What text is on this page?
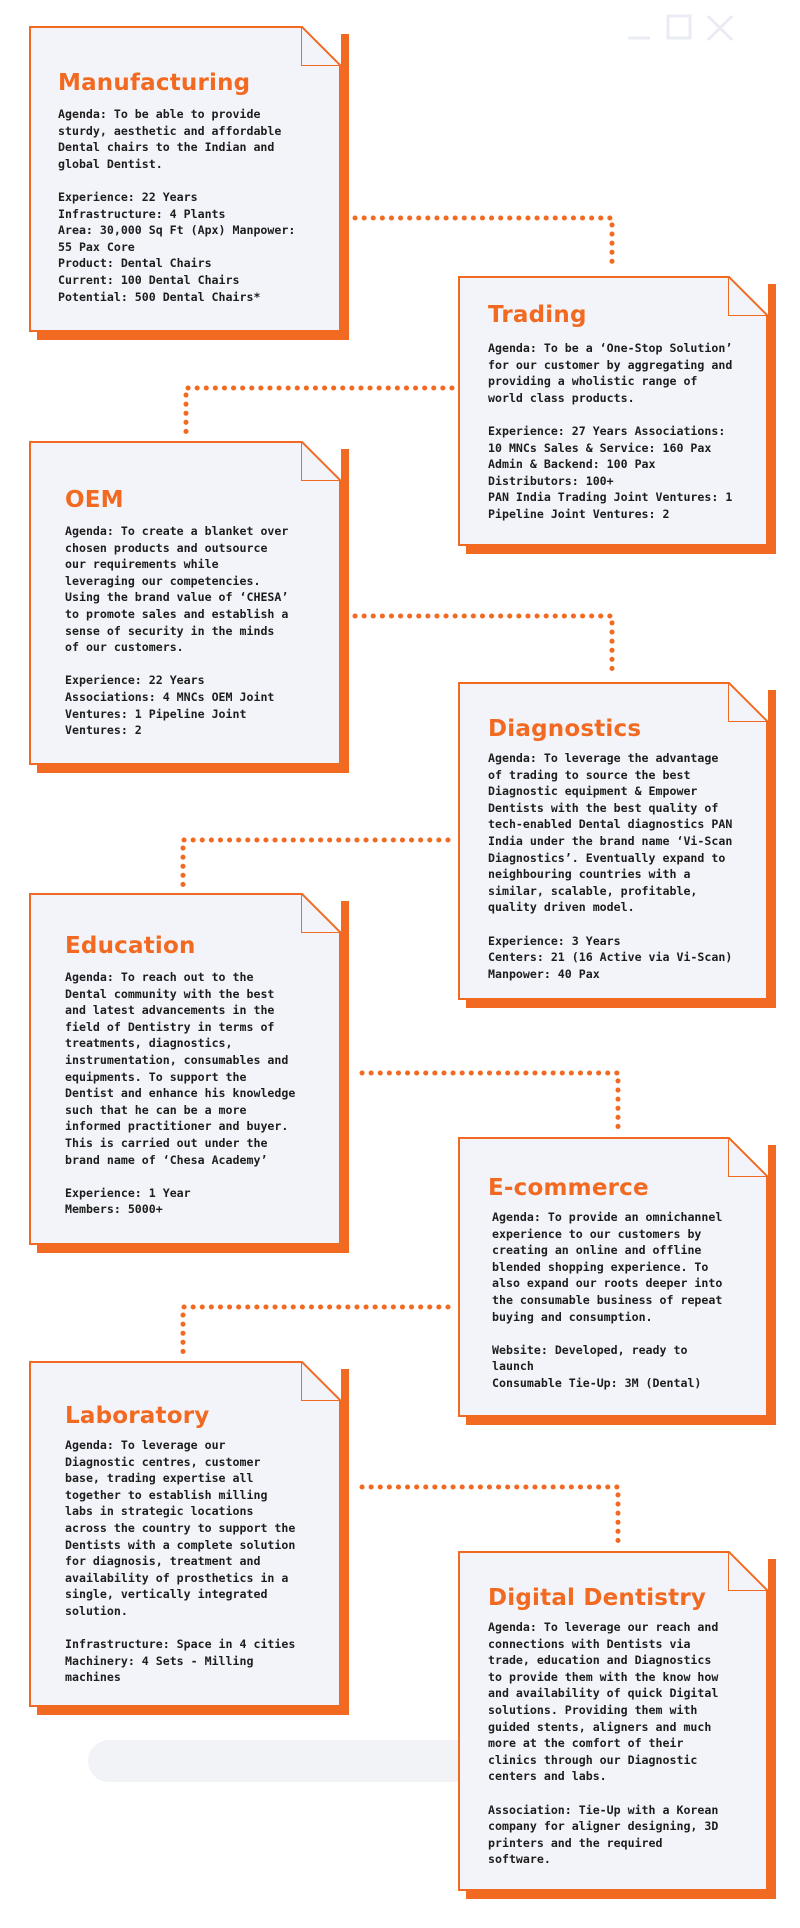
Manufacturing
Agenda: To be able to provide
sturdy, aesthetic and affordable
Dental chairs to the Indian and
global Dentist.

Experience: 22 Years
Infrastructure: 4 Plants
Area: 30,000 Sq Ft (Apx) Manpower:
55 Pax Core
Product: Dental Chairs
Current: 100 Dental Chairs
Potential: 500 Dental Chairs*
Trading
Agenda: To be a ‘One-Stop Solution’
for our customer by aggregating and
providing a wholistic range of
world class products.

Experience: 27 Years Associations:
10 MNCs Sales & Service: 160 Pax
Admin & Backend: 100 Pax
Distributors: 100+
PAN India Trading Joint Ventures: 1
Pipeline Joint Ventures: 2
OEM
Agenda: To create a blanket over
chosen products and outsource
our requirements while
leveraging our competencies.
Using the brand value of ‘CHESA’
to promote sales and establish a
sense of security in the minds
of our customers.

Experience: 22 Years
Associations: 4 MNCs OEM Joint
Ventures: 1 Pipeline Joint
Ventures: 2	Diagnostics
Agenda: To leverage the advantage
of trading to source the best
Diagnostic equipment & Empower
Dentists with the best quality of
tech-enabled Dental diagnostics PAN
India under the brand name ‘Vi-Scan
Diagnostics’. Eventually expand to
neighbouring countries with a
similar, scalable, profitable,
quality driven model.

Experience: 3 Years
Centers: 21 (16 Active via Vi-Scan)
Manpower: 40 Pax
Education
Agenda: To reach out to the
Dental community with the best
and latest advancements in the
field of Dentistry in terms of
treatments, diagnostics,
instrumentation, consumables and
equipments. To support the
Dentist and enhance his knowledge
such that he can be a more
informed practitioner and buyer.
This is carried out under the
brand name of ‘Chesa Academy’

Experience: 1 Year
Members: 5000+
E-commerce
Agenda: To provide an omnichannel
experience to our customers by
creating an online and offline
blended shopping experience. To
also expand our roots deeper into
the consumable business of repeat
buying and consumption.

Website: Developed, ready to
launch
Consumable Tie-Up: 3M (Dental)
Laboratory
Agenda: To leverage our
Diagnostic centres, customer
base, trading expertise all
together to establish milling
labs in strategic locations
across the country to support the
Dentists with a complete solution
for diagnosis, treatment and
availability of prosthetics in a
single, vertically integrated
solution.

Infrastructure: Space in 4 cities
Machinery: 4 Sets - Milling
machines
Digital Dentistry
Agenda: To leverage our reach and
connections with Dentists via
trade, education and Diagnostics
to provide them with the know how
and availability of quick Digital
solutions. Providing them with
guided stents, aligners and much
more at the comfort of their
clinics through our Diagnostic
centers and labs.

Association: Tie-Up with a Korean
company for aligner designing, 3D
printers and the required
software.
